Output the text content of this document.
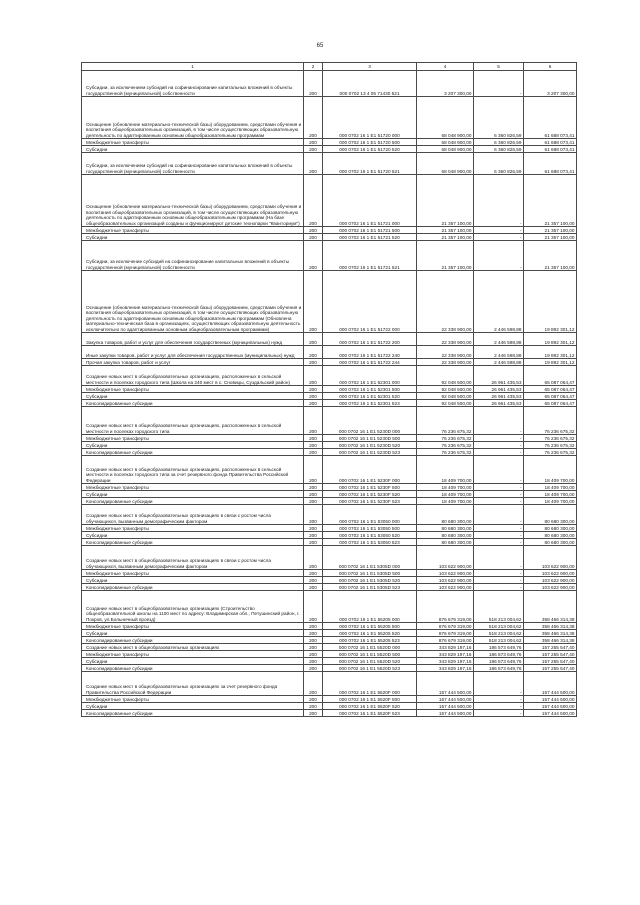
65
1	2	3	4	5	6
Субсидии, за исключением субсидий на софинансирование капитальных вложений в объекты государственной (муниципальной) собственности	200	000 0702 13 4 05 71430 521	3 207 300,00	-	3 207 300,00
Оснащение (обновление материально-технической базы) оборудованием, средствами обучения и воспитания общеобразовательных организаций, в том числе осуществляющих образовательную деятельность по адаптированным основным общеобразовательным программам	200	000 0702 16 1 E1 51720 000	68 048 900,00	6 360 826,59	61 688 073,41
Межбюджетные трансферты	200	000 0702 16 1 E1 51720 500	68 048 900,00	6 360 826,59	61 688 073,41
Субсидии	200	000 0702 16 1 E1 51720 520	68 048 900,00	6 360 826,59	61 688 073,41
Субсидии, за исключением субсидий на софинансирование капитальных вложений в объекты государственной (муниципальной) собственности	200	000 0702 16 1 E1 51720 521	68 048 900,00	6 360 826,59	61 688 073,41
Оснащение (обновление материально-технической базы) оборудованием, средствами обучения и воспитания общеобразовательных организаций, в том числе осуществляющих образовательную деятельность по адаптированным основным общеобразовательным программам (На базе общеобразовательных организаций созданы и функционируют детские технопарки "Кванториум")	200	000 0702 16 1 E1 51721 000	21 357 100,00	-	21 357 100,00
Межбюджетные трансферты	200	000 0702 16 1 E1 51721 500	21 357 100,00	-	21 357 100,00
Субсидии	200	000 0702 16 1 E1 51721 520	21 357 100,00	-	21 357 100,00
Субсидии, за исключение субсидий на софинансирование капитальных вложений в объекты государственной (муниципальной) собственности	200	000 0702 16 1 E1 51721 521	21 357 100,00	-	21 357 100,00
Оснащение (обновление материально-технической базы) оборудованием, средствами обучения и воспитания общеобразовательных организаций, в том числе осуществляющих образовательную деятельность по адаптированным основным общеобразовательным программам (Обновлена материально-техническая база в организациях, осуществляющих образовательную деятельность исключительно по адаптированным основным общеобразовательным программам)	200	000 0702 16 1 E1 51722 000	22 338 900,00	2 446 598,88	19 892 301,12
Закупка товаров, работ и услуг для обеспечения государственных (муниципальных) нужд	200	000 0702 16 1 E1 51722 200	22 338 900,00	2 446 598,88	19 892 301,12
Иные закупки товаров, работ и услуг для обеспечения государственных (муниципальных) нужд	200	000 0702 16 1 E1 51722 240	22 338 900,00	2 446 598,88	19 892 301,12
Прочая закупка товаров, работ и услуг	200	000 0702 16 1 E1 51722 244	22 338 900,00	2 446 598,88	19 892 301,12
Создание новых мест в общеобразовательных организациях, расположенных в сельской местности и поселках городского типа (Школа на 240 мест в с. Сновицы, Суздальский район)	200	000 0702 16 1 E1 52301 000	92 048 500,00	26 961 435,53	65 087 064,47
Межбюджетные трансферты	200	000 0702 16 1 E1 52301 500	92 048 500,00	26 961 435,53	65 087 064,47
Субсидии	200	000 0702 16 1 E1 52301 520	92 048 500,00	26 961 435,53	65 087 064,47
Консолидированные субсидии	200	000 0702 16 1 E1 52301 523	92 048 500,00	26 961 435,53	65 087 064,47
Создание новых мест в общеобразовательных организациях, расположенных в сельской местности и поселках городского типа	200	000 0702 16 1 E1 5230D 000	76 236 675,32	-	76 236 675,32
Межбюджетные трансферты	200	000 0702 16 1 E1 5230D 500	76 236 675,32	-	76 236 675,32
Субсидии	200	000 0702 16 1 E1 5230D 520	76 236 675,32	-	76 236 675,32
Консолидированные субсидии	200	000 0702 16 1 E1 5230D 523	76 236 675,32	-	76 236 675,32
Создание новых мест в общеобразовательных организациях, расположенных в сельской местности и поселках городского типа за счет резервного фонда Правительства Российской Федерации	200	000 0702 16 1 E1 5230F 000	18 409 700,00	-	18 409 700,00
Межбюджетные трансферты	200	000 0702 16 1 E1 5230F 500	18 409 700,00	-	18 409 700,00
Субсидии	200	000 0702 16 1 E1 5230F 520	18 409 700,00	-	18 409 700,00
Консолидированные субсидии	200	000 0702 16 1 E1 5230F 523	18 409 700,00	-	18 409 700,00
Создание новых мест в общеобразовательных организациях в связи с ростом числа обучающихся, вызванным демографическим фактором	200	000 0702 16 1 E1 53050 000	80 680 300,00	-	80 680 300,00
Межбюджетные трансферты	200	000 0702 16 1 E1 53050 500	80 680 300,00	-	80 680 300,00
Субсидии	200	000 0702 16 1 E1 53050 520	80 680 300,00	-	80 680 300,00
Консолидированные субсидии	200	000 0702 16 1 E1 53050 523	80 680 300,00	-	80 680 300,00
Создание новых мест в общеобразовательных организациях в связи с ростом числа обучающихся, вызванным демографическим фактором	200	000 0702 16 1 E1 5305D 000	103 622 900,00	-	103 622 900,00
Межбюджетные трансферты	200	000 0702 16 1 E1 5305D 500	103 622 900,00	-	103 622 900,00
Субсидии	200	000 0702 16 1 E1 5305D 520	103 622 900,00	-	103 622 900,00
Консолидированные субсидии	200	000 0702 16 1 E1 5305D 523	103 622 900,00	-	103 622 900,00
Создание новых мест в общеобразовательных организациях (Строительство общеобразовательной школы на 1100 мест по адресу: Владимирская обл., Петушинский район, г. Покров, ул.Больничный проезд)	200	000 0702 16 1 E1 55205 000	876 679 319,00	518 213 004,62	358 466 314,38
Межбюджетные трансферты	200	000 0702 16 1 E1 55205 500	876 679 319,00	518 213 004,62	358 466 314,38
Субсидии	200	000 0702 16 1 E1 55205 520	876 679 319,00	518 213 004,62	358 466 314,38
Консолидированные субсидии	200	000 0702 16 1 E1 55205 523	876 679 319,00	518 213 004,62	358 466 314,38
Создание новых мест в общеобразовательных организациях	200	000 0702 16 1 E1 5520D 000	343 829 197,16	186 573 649,76	157 255 547,40
Межбюджетные трансферты	200	000 0702 16 1 E1 5520D 500	343 829 197,16	186 573 649,76	157 255 547,40
Субсидии	200	000 0702 16 1 E1 5520D 520	343 829 197,16	186 573 649,76	157 255 547,40
Консолидированные субсидии	200	000 0702 16 1 E1 5520D 523	343 829 197,16	186 573 649,76	157 255 547,40
Создание новых мест в общеобразовательных организациях за счет резервного фонда Правительства Российской Федерации	200	000 0702 16 1 E1 5520F 000	157 444 500,00	-	157 444 500,00
Межбюджетные трансферты	200	000 0702 16 1 E1 5520F 500	157 444 500,00	-	157 444 500,00
Субсидии	200	000 0702 16 1 E1 5520F 520	157 444 500,00	-	157 444 500,00
Консолидированные субсидии	200	000 0702 16 1 E1 5520F 523	157 444 500,00	-	157 444 500,00
